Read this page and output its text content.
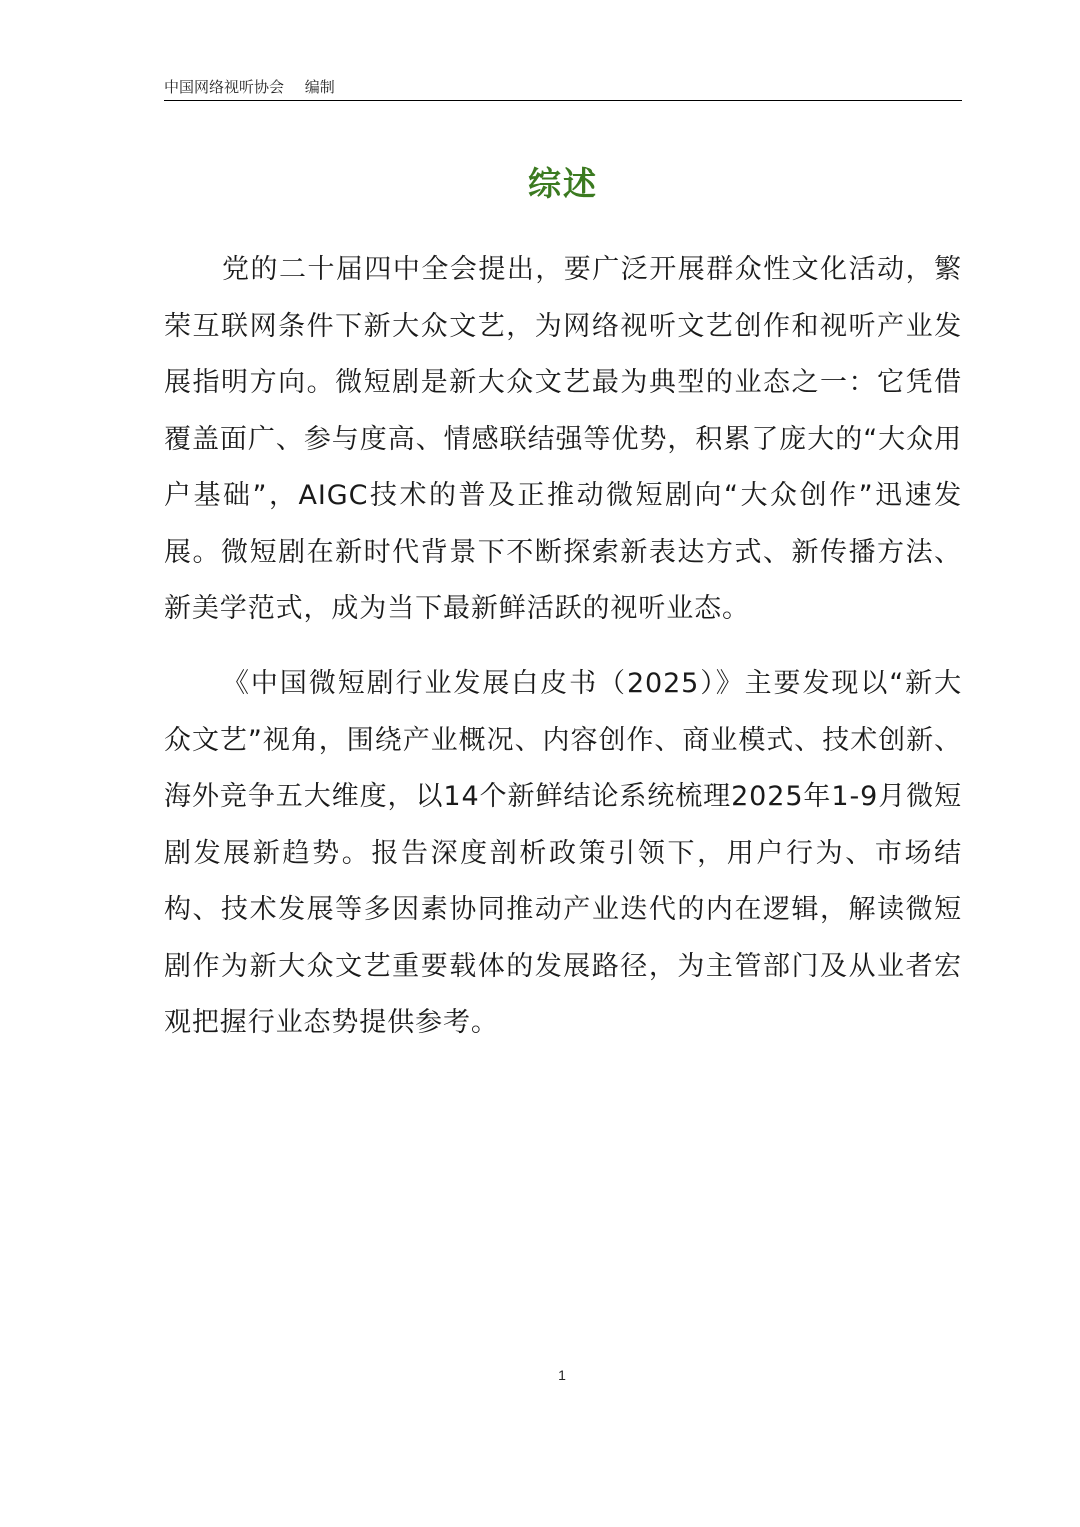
中国网络视听协会 编制
综述

党的二十届四中全会提出，要广泛开展群众性文化活动，繁荣互联网条件下新大众文艺，为网络视听文艺创作和视听产业发展指明方向。微短剧是新大众文艺最为典型的业态之一：它凭借覆盖面广、参与度高、情感联结强等优势，积累了庞大的“大众用户基础”，AIGC技术的普及正推动微短剧向“大众创作”迅速发展。微短剧在新时代背景下不断探索新表达方式、新传播方法、新美学范式，成为当下最新鲜活跃的视听业态。

《中国微短剧行业发展白皮书（2025）》主要发现以“新大众文艺”视角，围绕产业概况、内容创作、商业模式、技术创新、海外竞争五大维度，以14个新鲜结论系统梳理2025年1-9月微短剧发展新趋势。报告深度剖析政策引领下，用户行为、市场结构、技术发展等多因素协同推动产业迭代的内在逻辑，解读微短剧作为新大众文艺重要载体的发展路径，为主管部门及从业者宏观把握行业态势提供参考。

1
